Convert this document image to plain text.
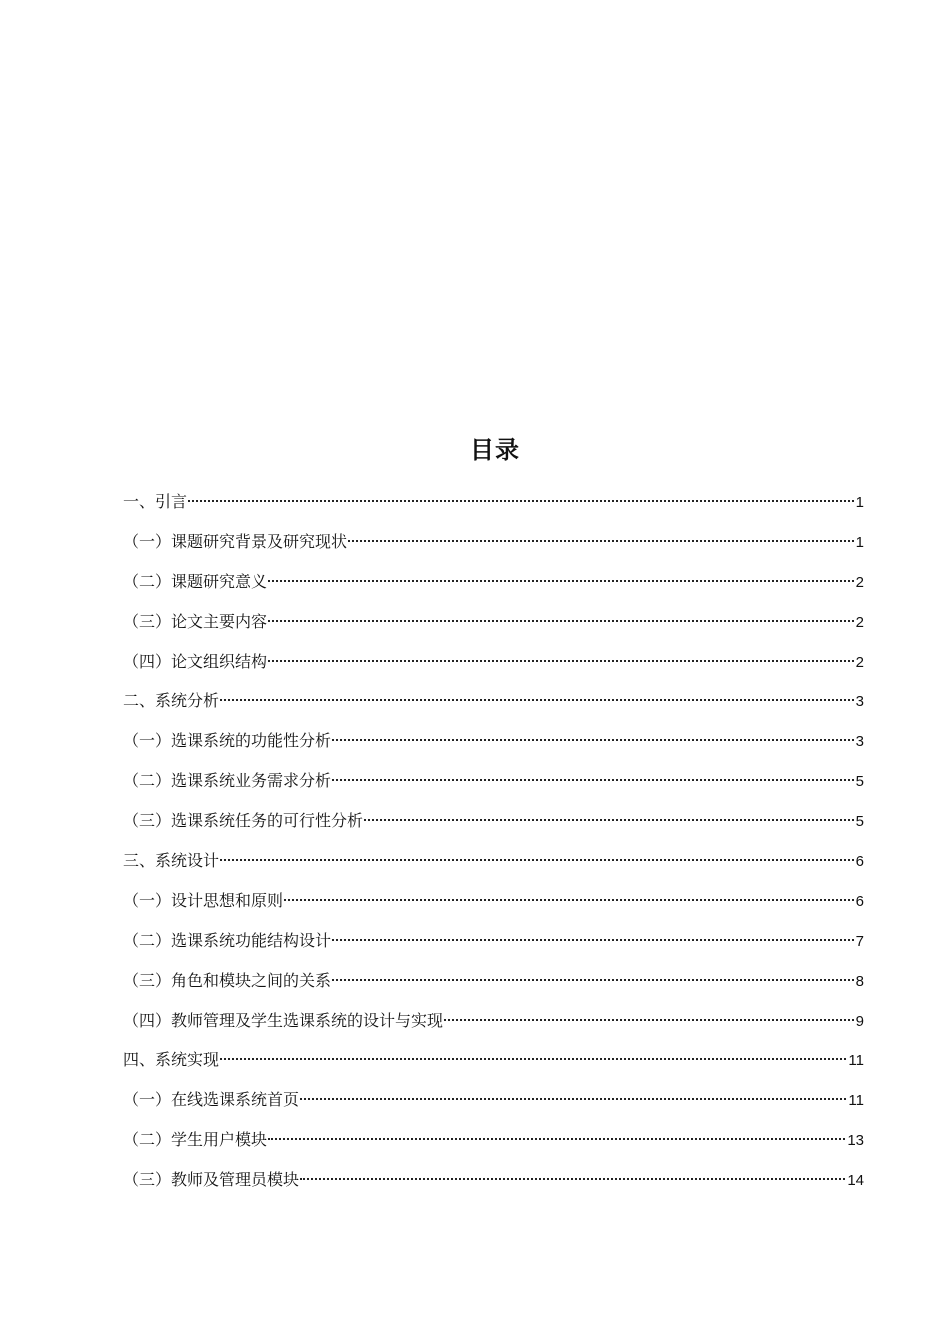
目录
一、引言	1
（一）课题研究背景及研究现状	1
（二）课题研究意义	2
（三）论文主要内容	2
（四）论文组织结构	2
二、系统分析	3
（一）选课系统的功能性分析	3
（二）选课系统业务需求分析	5
（三）选课系统任务的可行性分析	5
三、系统设计	6
（一）设计思想和原则	6
（二）选课系统功能结构设计	7
（三）角色和模块之间的关系	8
（四）教师管理及学生选课系统的设计与实现	9
四、系统实现	11
（一）在线选课系统首页	11
（二）学生用户模块	13
（三）教师及管理员模块	14
